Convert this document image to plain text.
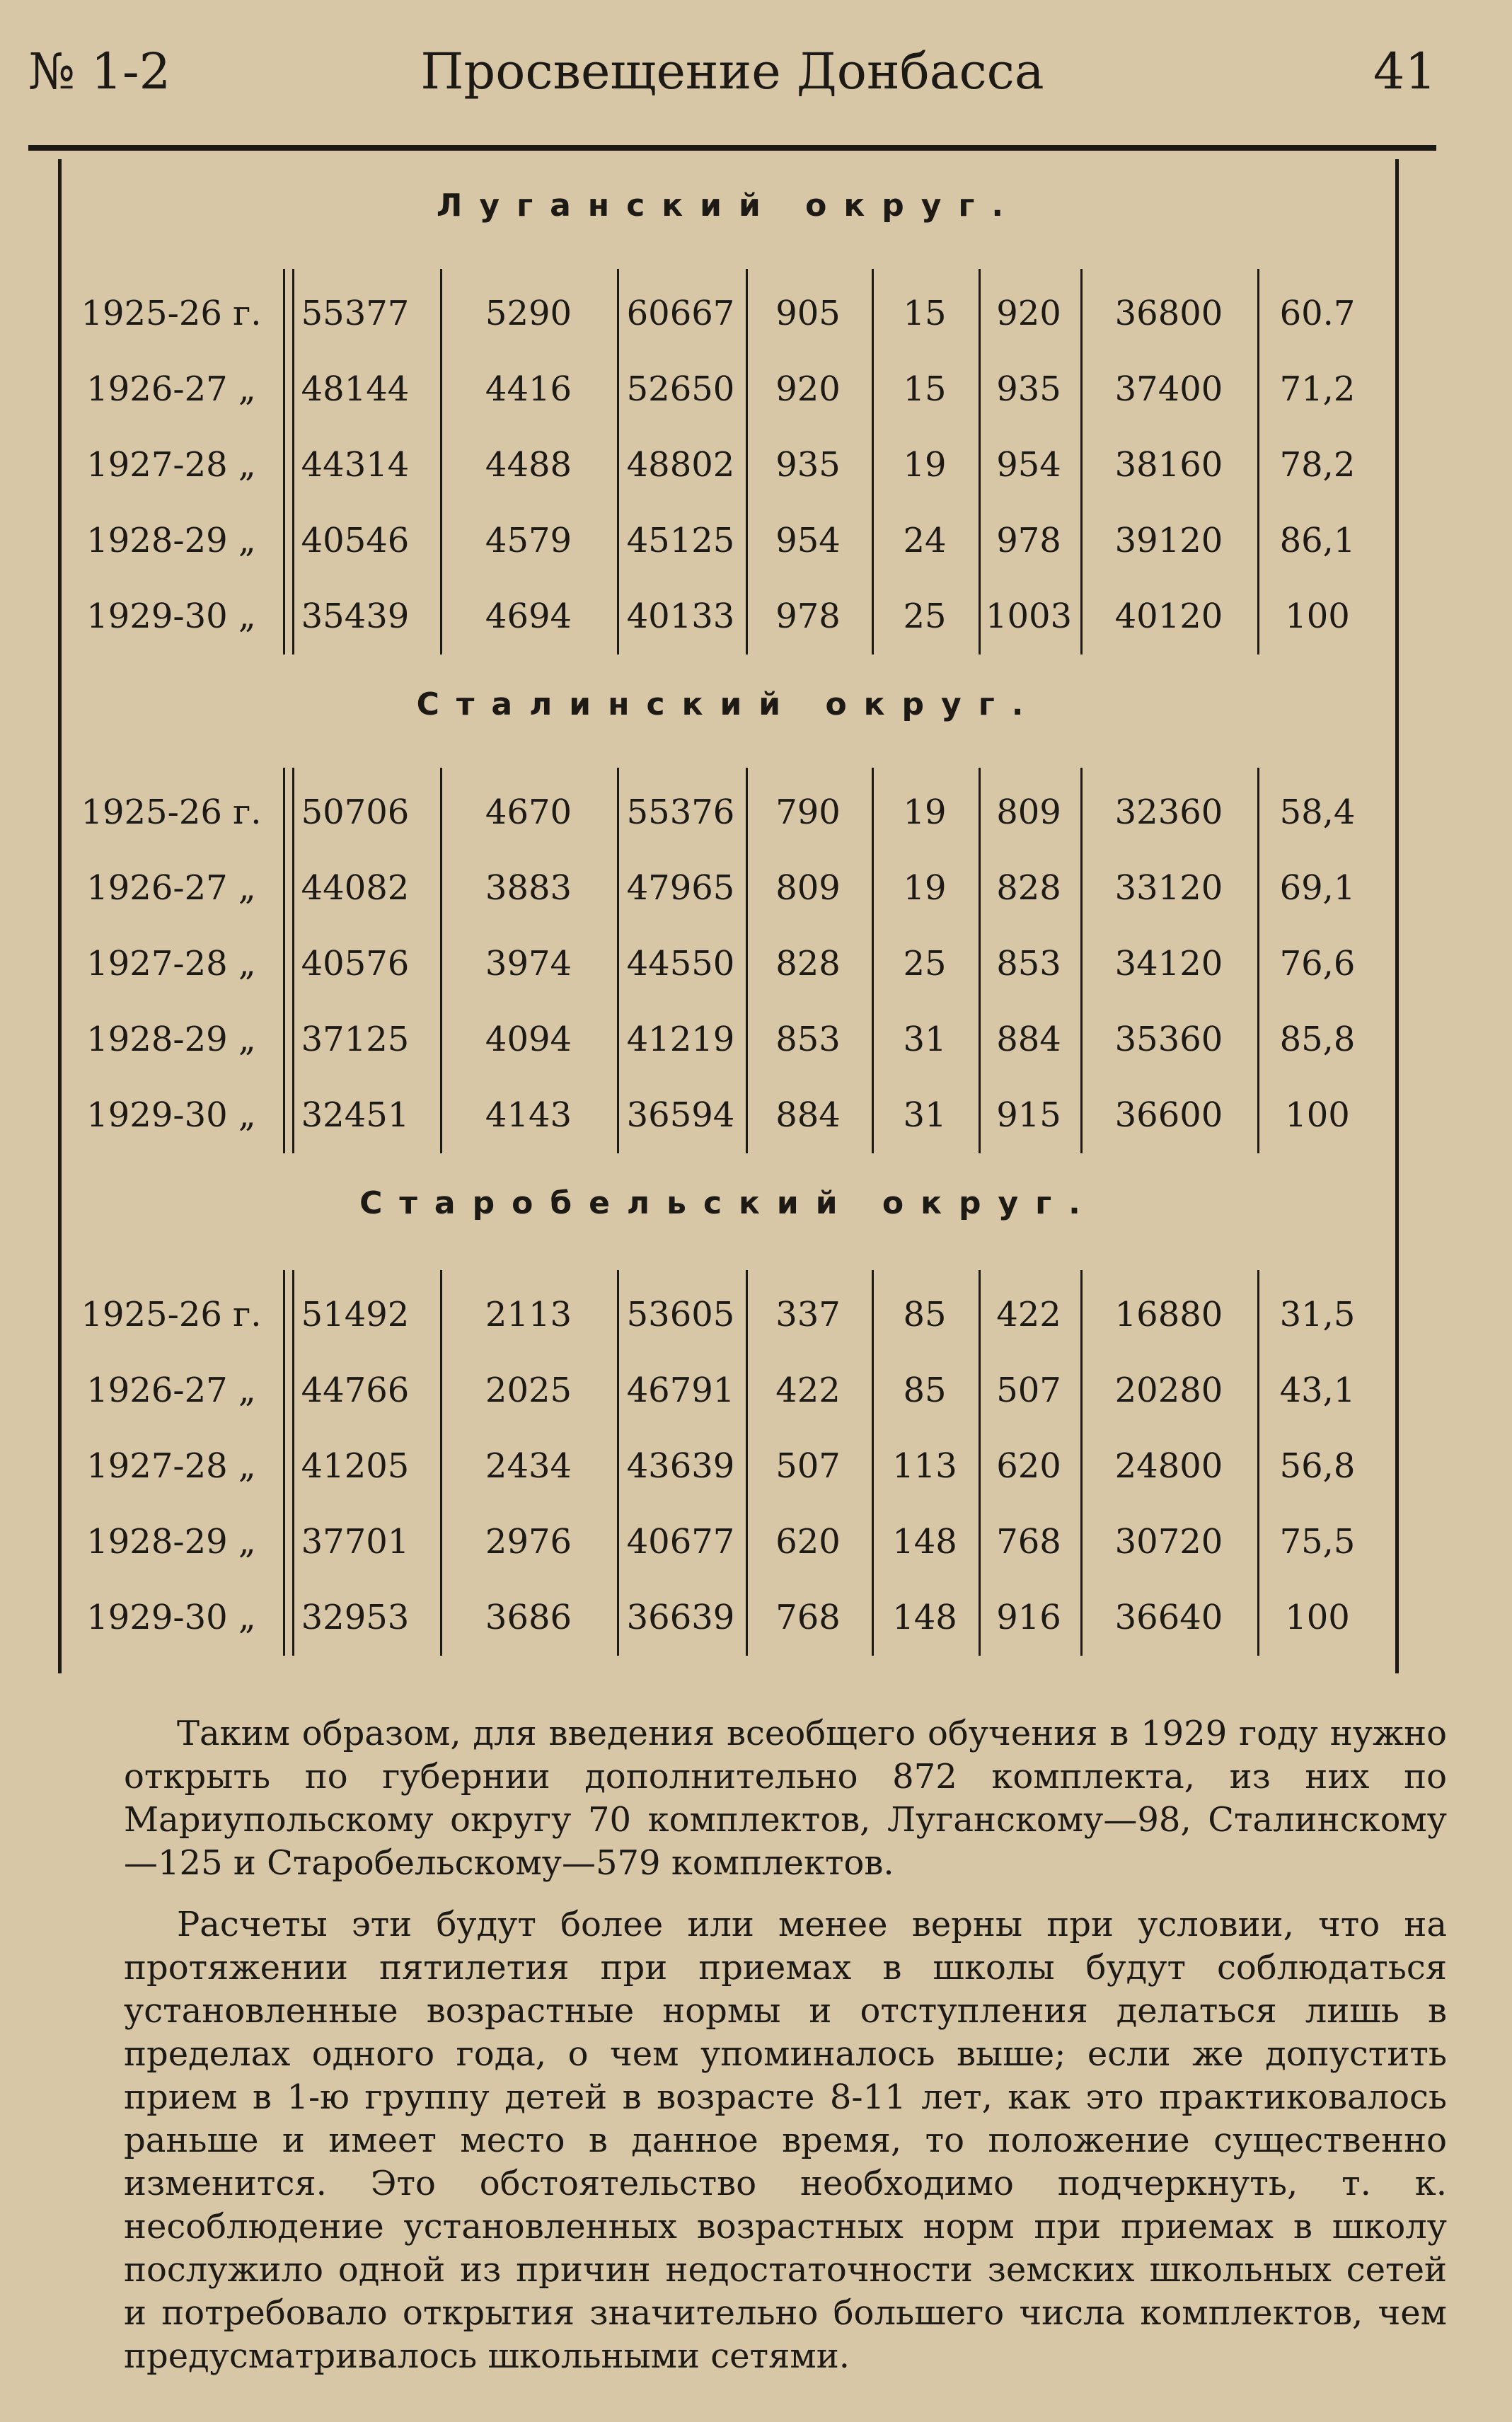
№ 1-2	Просвещение Донбасса	41
Луганский округ.
1925-26 г.	55377	5290	60667	905	15	920	36800	60.7
1926-27 „	48144	4416	52650	920	15	935	37400	71,2
1927-28 „	44314	4488	48802	935	19	954	38160	78,2
1928-29 „	40546	4579	45125	954	24	978	39120	86,1
1929-30 „	35439	4694	40133	978	25	1003	40120	100
Сталинский округ.
1925-26 г.	50706	4670	55376	790	19	809	32360	58,4
1926-27 „	44082	3883	47965	809	19	828	33120	69,1
1927-28 „	40576	3974	44550	828	25	853	34120	76,6
1928-29 „	37125	4094	41219	853	31	884	35360	85,8
1929-30 „	32451	4143	36594	884	31	915	36600	100
Старобельский округ.
1925-26 г.	51492	2113	53605	337	85	422	16880	31,5
1926-27 „	44766	2025	46791	422	85	507	20280	43,1
1927-28 „	41205	2434	43639	507	113	620	24800	56,8
1928-29 „	37701	2976	40677	620	148	768	30720	75,5
1929-30 „	32953	3686	36639	768	148	916	36640	100
Таким образом, для введения всеобщего обучения в 1929 году нужно открыть по губернии дополнительно 872 комплекта, из них по Мариупольскому округу 70 комплектов, Луганскому—98, Сталинскому—125 и Старобельскому—579 комплектов.
Расчеты эти будут более или менее верны при условии, что на протяжении пятилетия при приемах в школы будут соблюдаться установленные возрастные нормы и отступления делаться лишь в пределах одного года, о чем упоминалось выше; если же допустить прием в 1-ю группу детей в возрасте 8-11 лет, как это практиковалось раньше и имеет место в данное время, то положение существенно изменится. Это обстоятельство необходимо подчеркнуть, т. к. несоблюдение установленных возрастных норм при приемах в школу послужило одной из причин недостаточности земских школьных сетей и потребовало открытия значительно большего числа комплектов, чем предусматривалось школьными сетями.
